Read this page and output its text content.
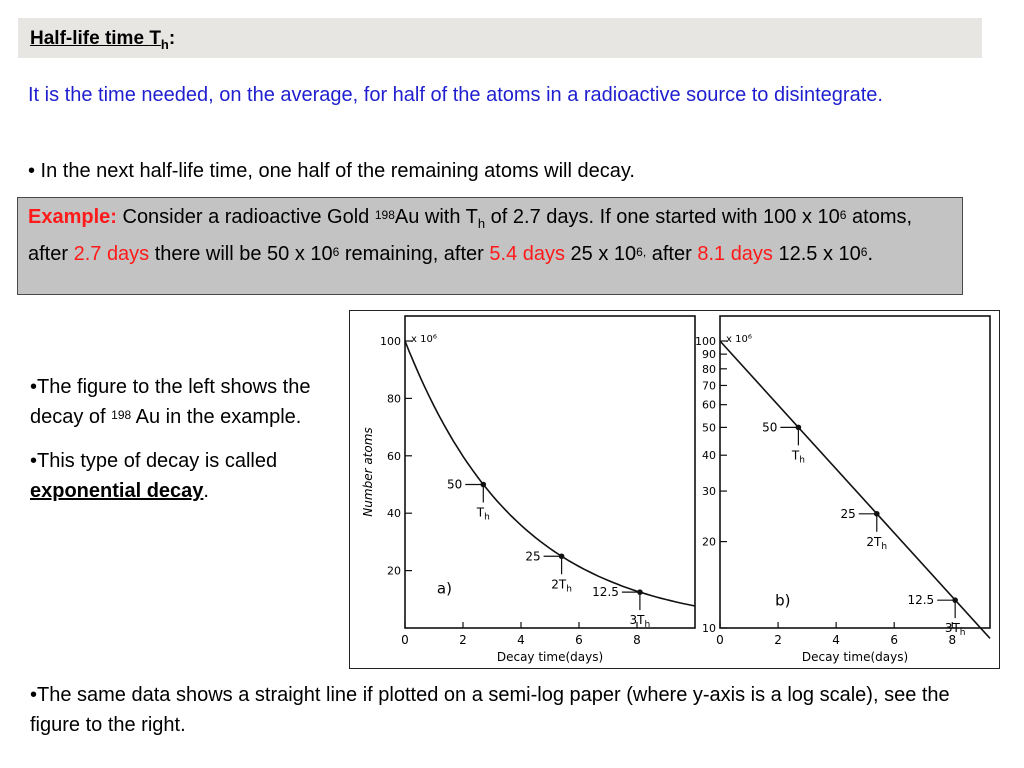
Half-life time $T_h$:

It is the time needed, on the average, for half of the atoms in a radioactive source to disintegrate.

• In the next half-life time, one half of the remaining atoms will decay.

Example: Consider a radioactive Gold $^{198}$Au with $T_h$ of 2.7 days. If one started with 100 x $10^6$ atoms, after 2.7 days there will be 50 x $10^6$ remaining, after 5.4 days 25 x $10^{6,}$ after 8.1 days 12.5 x $10^6$.

•The figure to the left shows the decay of $^{198}$ Au in the example.

•This type of decay is called exponential decay.

0	2	4	6	8
20
40
60
80
100 x 10⁶
Decay time(days)
Number atoms	50
$T_h$
25
$2T_h$ 12.5
$3T_h$
a)
0	2	4	6	8
10
20
30
40
50
60
70
80
90
100 x 10⁶
Decay time(days)
50
$T_h$
25
$2T_h$
12.5
$3T_h$
b)

•The same data shows a straight line if plotted on a semi-log paper (where y-axis is a log scale), see the figure to the right.
